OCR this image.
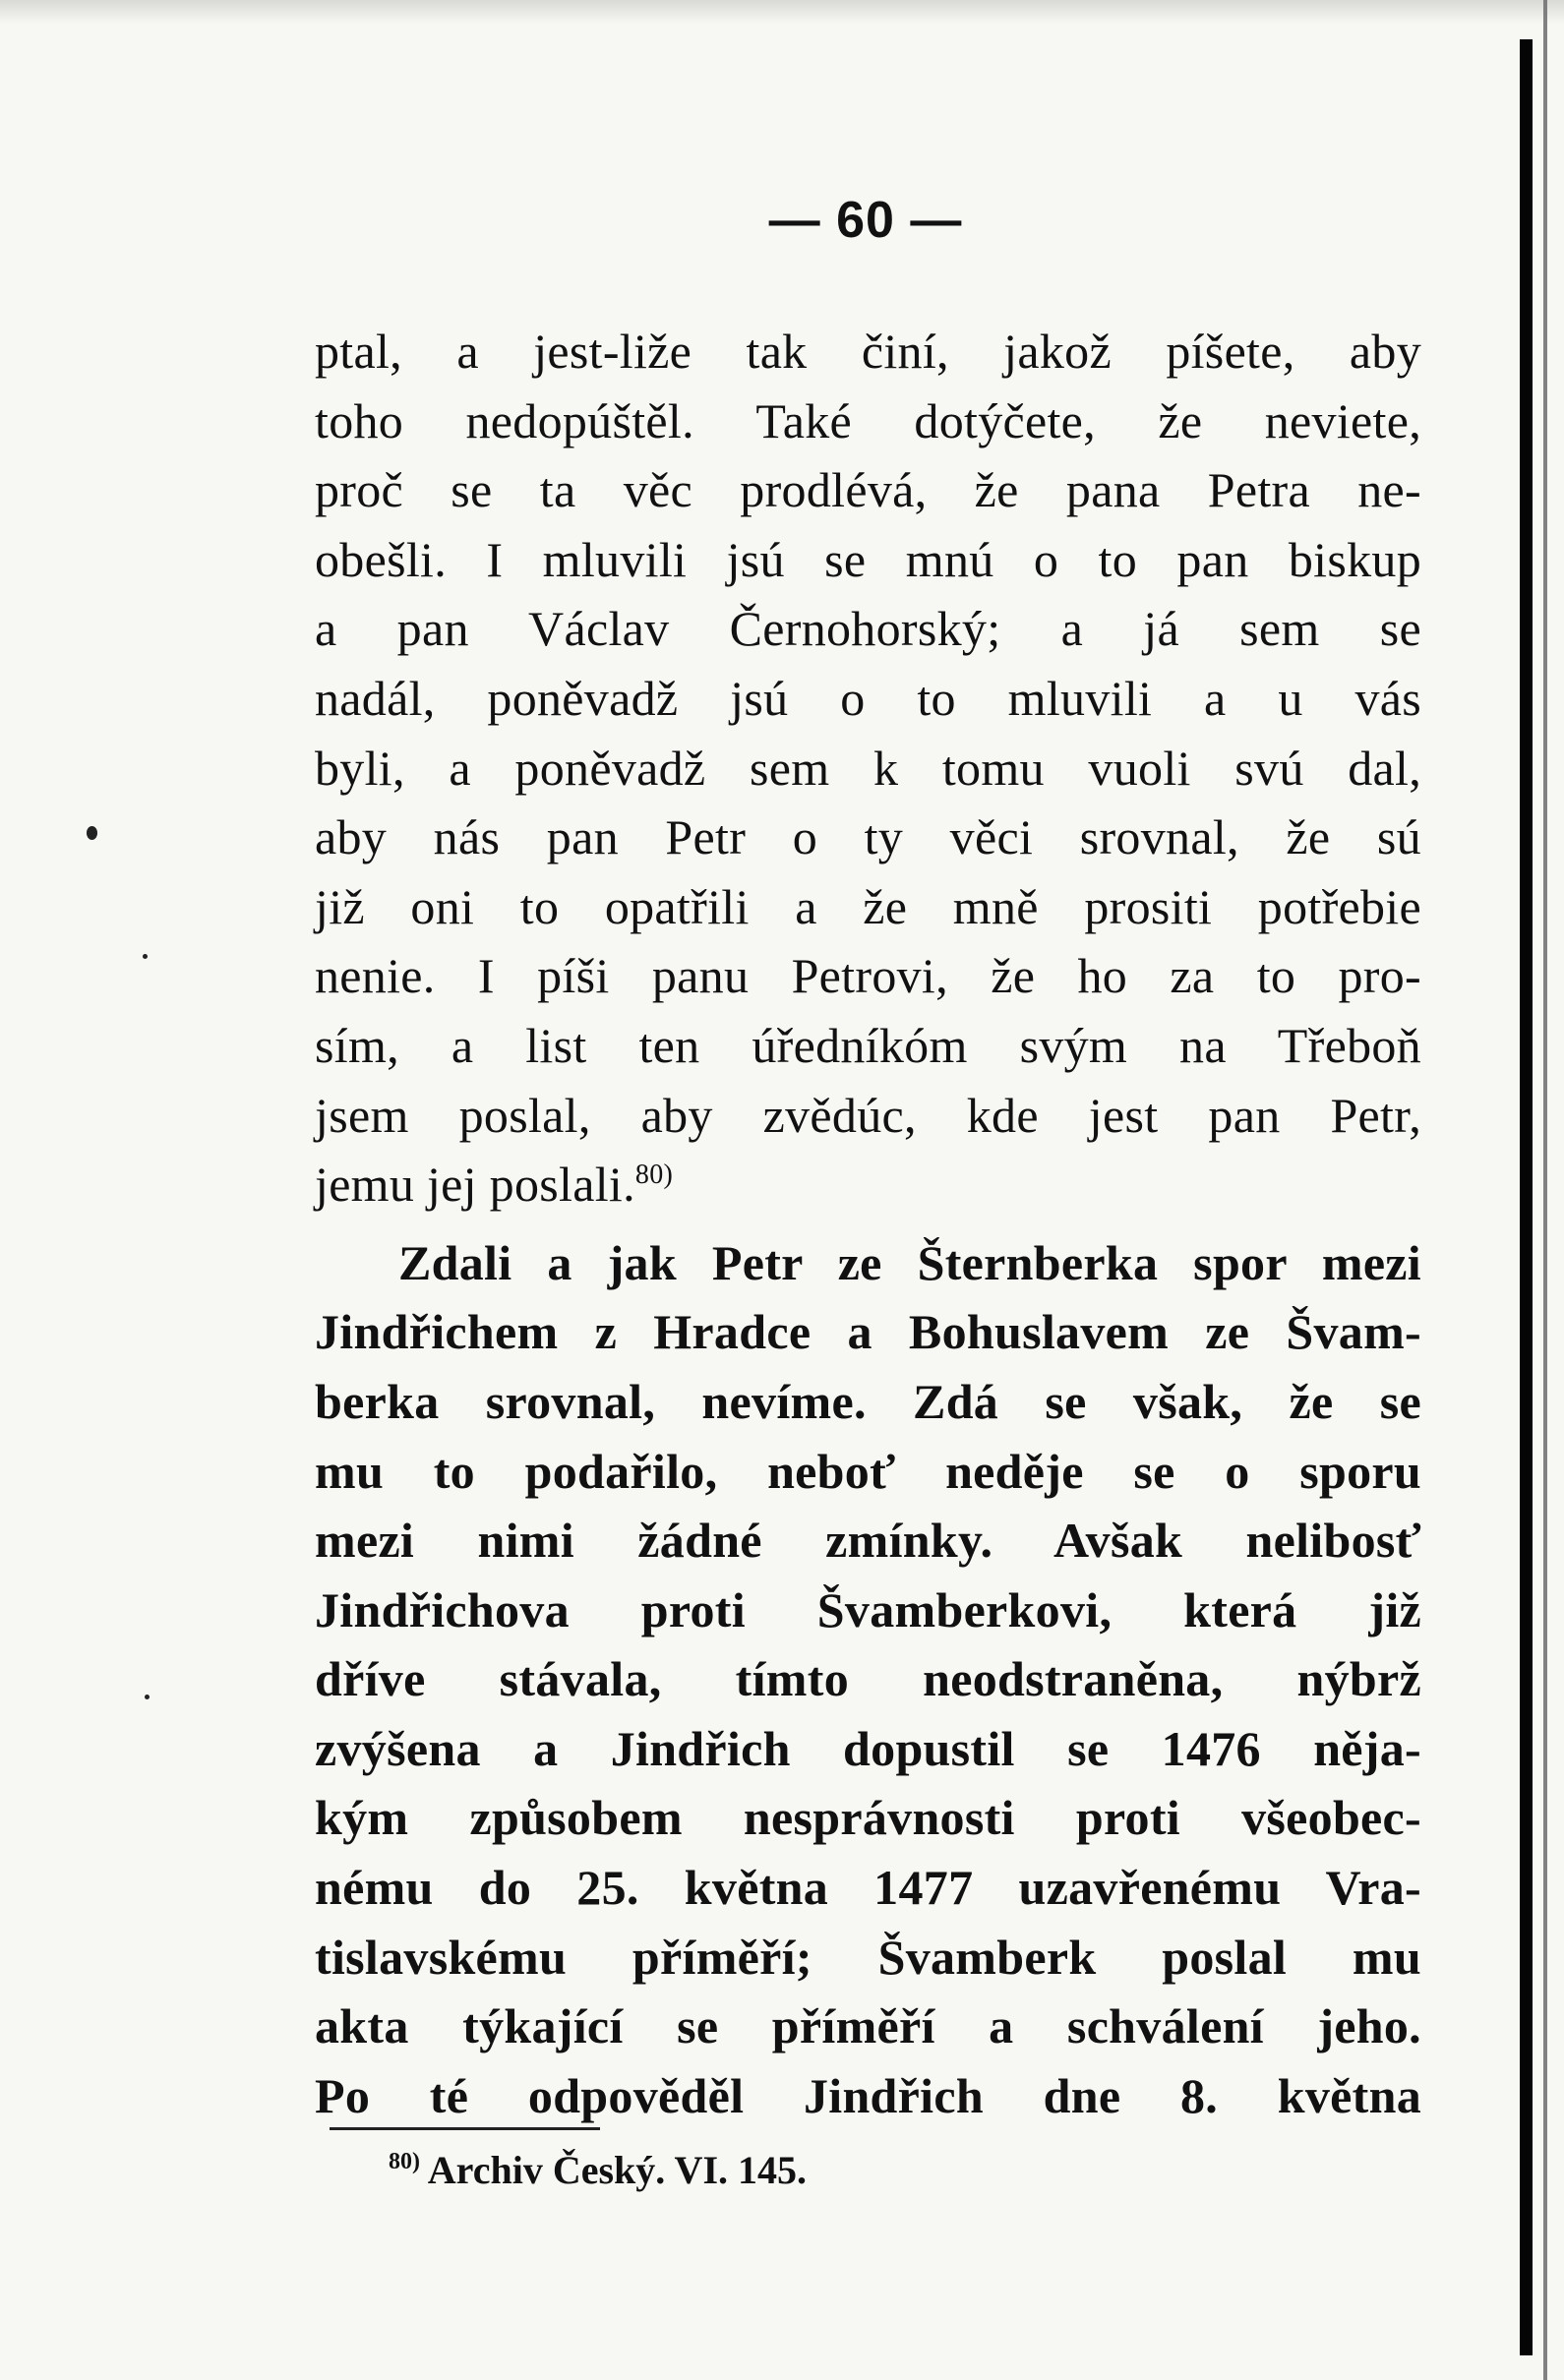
— 60 —
ptal, a jest-liže tak činí, jakož píšete, aby
toho nedopúštěl. Také dotýčete, že neviete,
proč se ta věc prodlévá, že pana Petra ne-
obešli. I mluvili jsú se mnú o to pan biskup
a pan Václav Černohorský; a já sem se
nadál, poněvadž jsú o to mluvili a u vás
byli, a poněvadž sem k tomu vuoli svú dal,
aby nás pan Petr o ty věci srovnal, že sú
již oni to opatřili a že mně prositi potřebie
nenie. I píši panu Petrovi, že ho za to pro-
sím, a list ten úředníkóm svým na Třeboň
jsem poslal, aby zvědúc, kde jest pan Petr,
jemu jej poslali.$^{80)}$
Zdali a jak Petr ze Šternberka spor mezi
Jindřichem z Hradce a Bohuslavem ze Švam-
berka srovnal, nevíme. Zdá se však, že se
mu to podařilo, neboť neděje se o sporu
mezi nimi žádné zmínky. Avšak nelibosť
Jindřichova proti Švamberkovi, která již
dříve stávala, tímto neodstraněna, nýbrž
zvýšena a Jindřich dopustil se 1476 něja-
kým způsobem nesprávnosti proti všeobec-
nému do 25. května 1477 uzavřenému Vra-
tislavskému příměří; Švamberk poslal mu
akta týkající se příměří a schválení jeho.
Po té odpověděl Jindřich dne 8. května
$^{80)}$ Archiv Český. VI. 145.
